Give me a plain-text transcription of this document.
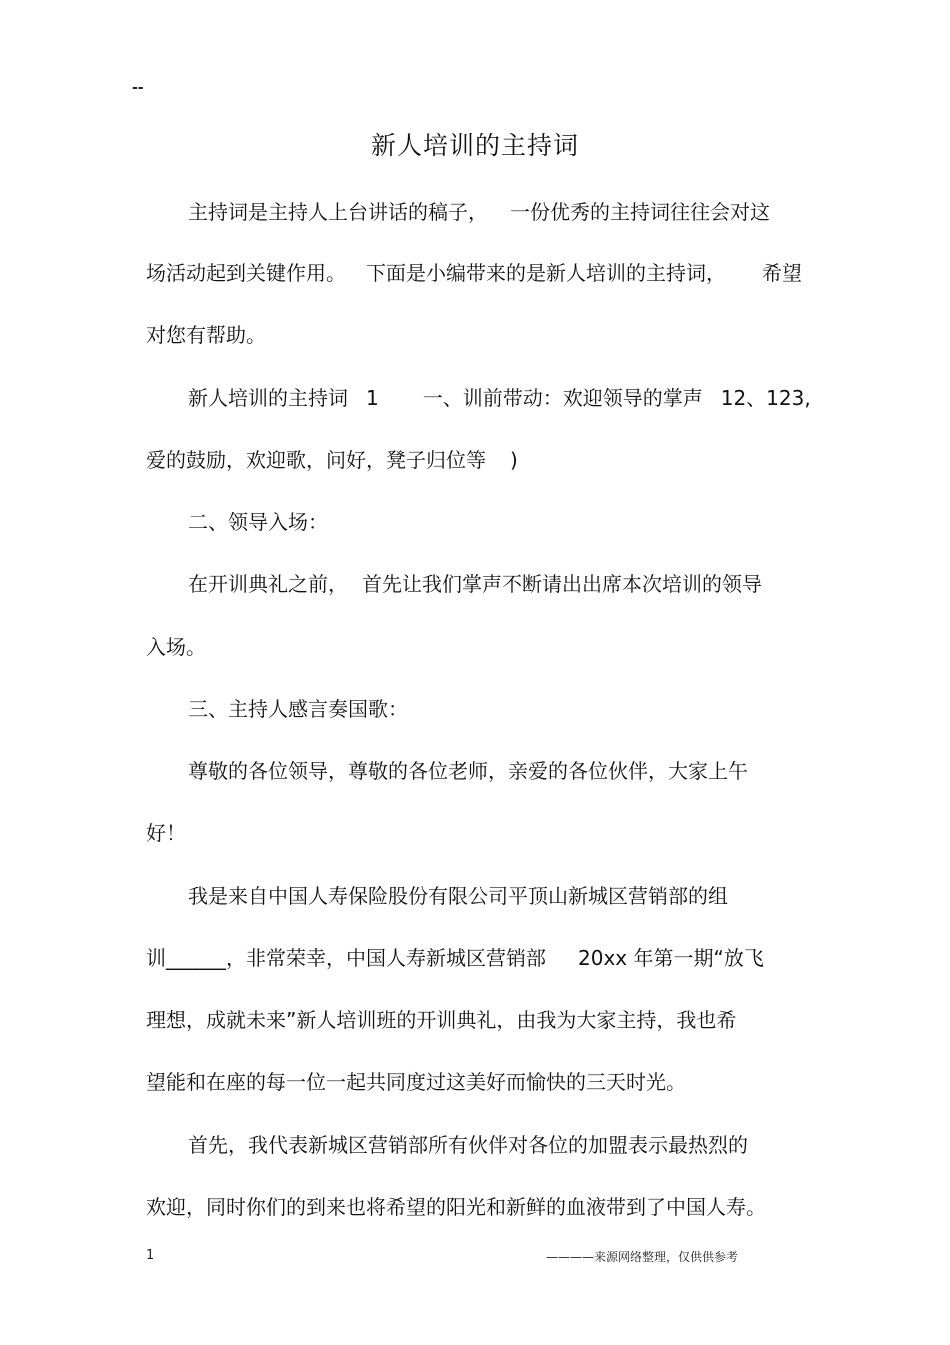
--
新人培训的主持词
主持词是主持人上台讲话的稿子， 一份优秀的主持词往往会对这
场活动起到关键作用。 下面是小编带来的是新人培训的主持词， 希望
对您有帮助。
新人培训的主持词 1 一、训前带动：欢迎领导的掌声 12、123,
爱的鼓励，欢迎歌，问好，凳子归位等 )
二、领导入场：
在开训典礼之前， 首先让我们掌声不断请出出席本次培训的领导
入场。
三、主持人感言奏国歌：
尊敬的各位领导，尊敬的各位老师，亲爱的各位伙伴，大家上午
好！
我是来自中国人寿保险股份有限公司平顶山新城区营销部的组
训______，非常荣幸，中国人寿新城区营销部 20xx 年第一期“放飞
理想，成就未来”新人培训班的开训典礼，由我为大家主持，我也希
望能和在座的每一位一起共同度过这美好而愉快的三天时光。
首先，我代表新城区营销部所有伙伴对各位的加盟表示最热烈的
欢迎，同时你们的到来也将希望的阳光和新鲜的血液带到了中国人寿。
1	————来源网络整理，仅供供参考
